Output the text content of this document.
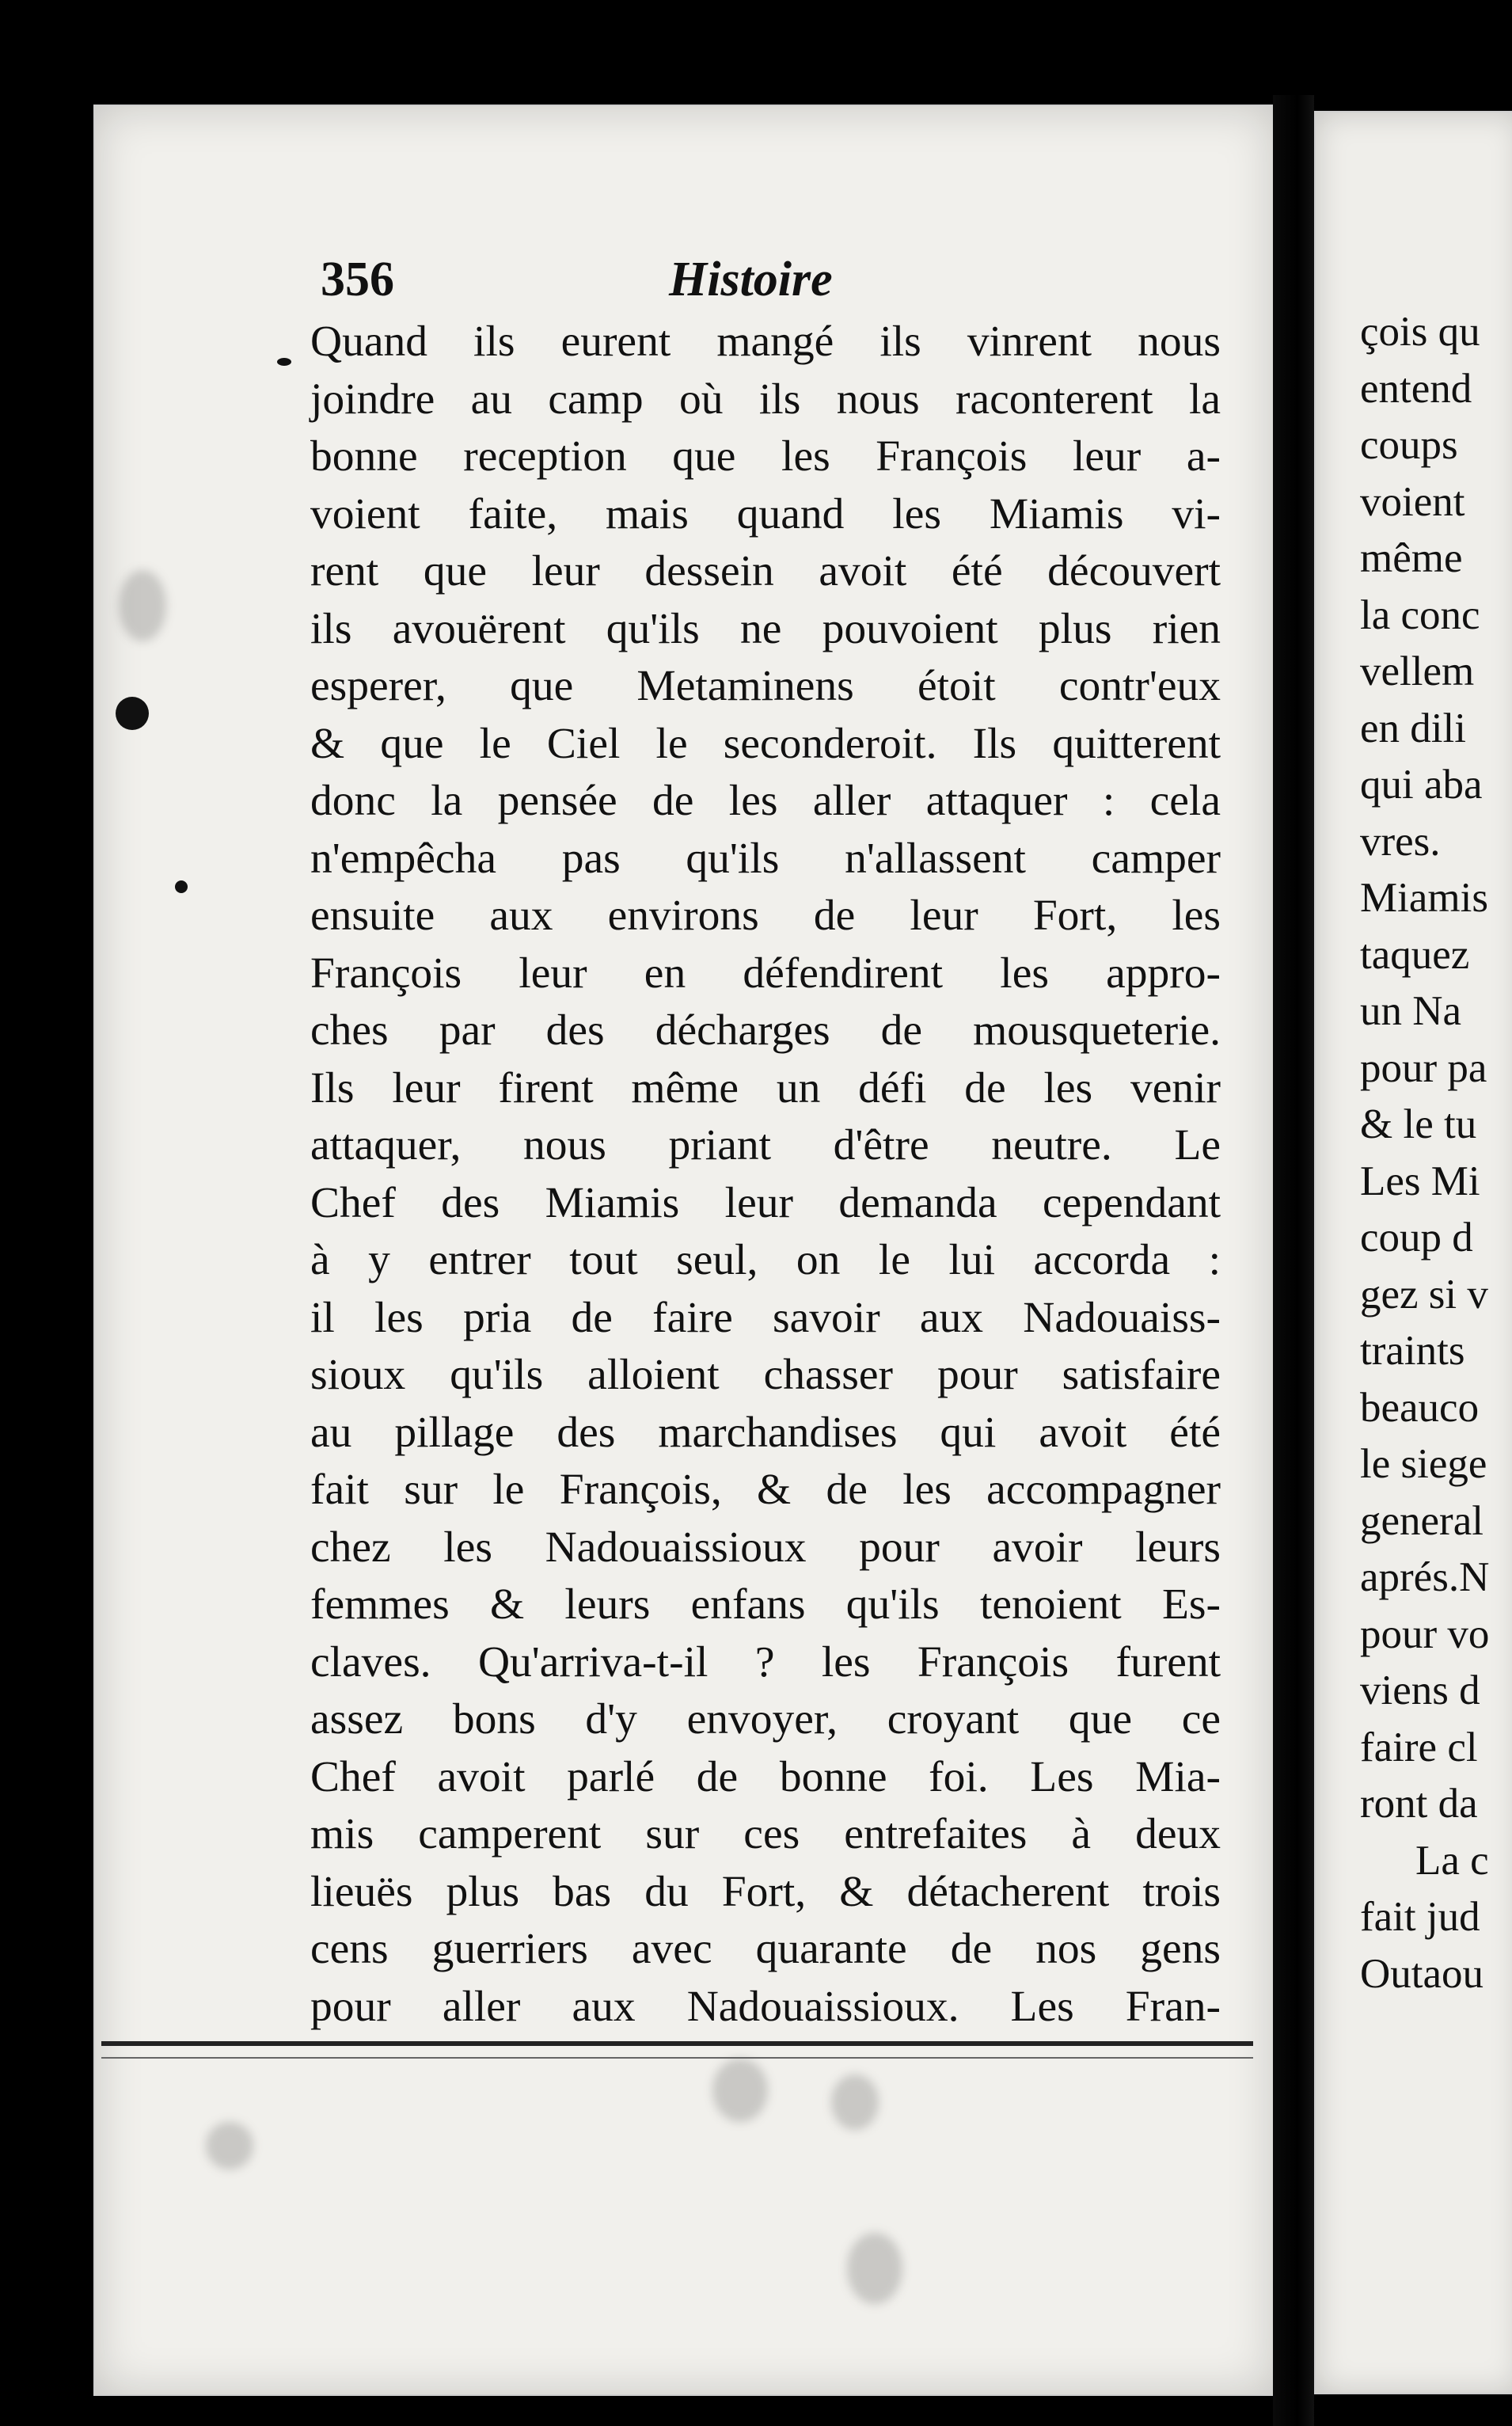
356	Histoire
Quand ils eurent mangé ils vinrent nous
joindre au camp où ils nous raconterent la
bonne reception que les François leur a-
voient faite, mais quand les Miamis vi-
rent que leur dessein avoit été découvert
ils avouërent qu'ils ne pouvoient plus rien
esperer, que Metaminens étoit contr'eux
& que le Ciel le seconderoit. Ils quitterent
donc la pensée de les aller attaquer : cela
n'empêcha pas qu'ils n'allassent camper
ensuite aux environs de leur Fort, les
François leur en défendirent les appro-
ches par des décharges de mousqueterie.
Ils leur firent même un défi de les venir
attaquer, nous priant d'être neutre. Le
Chef des Miamis leur demanda cependant
à y entrer tout seul, on le lui accorda :
il les pria de faire savoir aux Nadouaiss-
sioux qu'ils alloient chasser pour satisfaire
au pillage des marchandises qui avoit été
fait sur le François, & de les accompagner
chez les Nadouaissioux pour avoir leurs
femmes & leurs enfans qu'ils tenoient Es-
claves. Qu'arriva-t-il ? les François furent
assez bons d'y envoyer, croyant que ce
Chef avoit parlé de bonne foi. Les Mia-
mis camperent sur ces entrefaites à deux
lieuës plus bas du Fort, & détacherent trois
cens guerriers avec quarante de nos gens
pour aller aux Nadouaissioux. Les Fran-
çois qu
entend
coups
voient
même
la conc
vellem
en dili
qui aba
vres.
Miamis
taquez
un Na
pour pa
& le tu
Les Mi
coup d
gez si v
traints
beauco
le siege
general
aprés.N
pour vo
viens d
faire cl
ront da
La c
fait jud
Outaou
